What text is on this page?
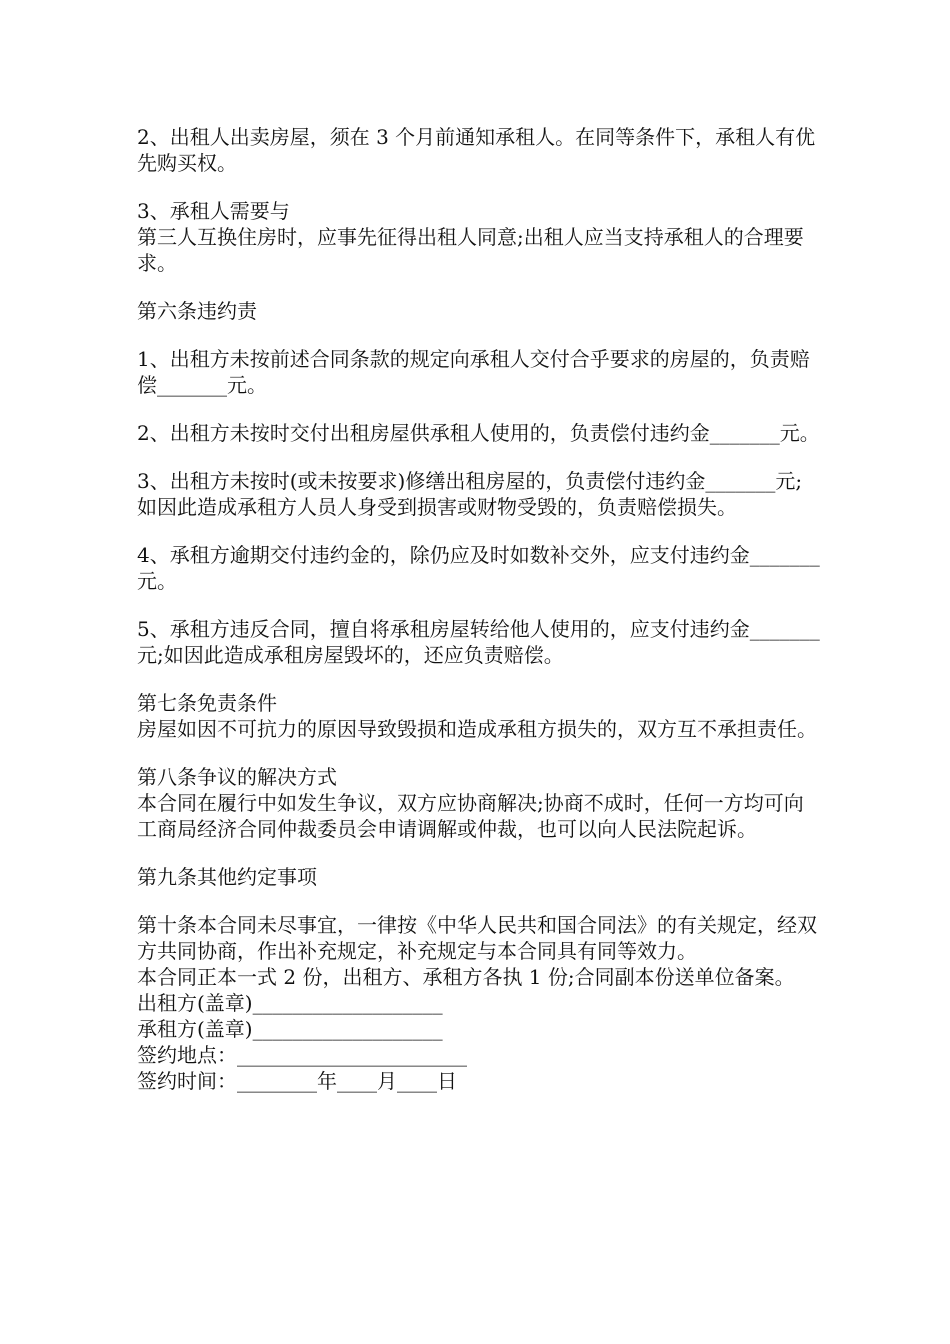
2、出租人出卖房屋，须在 3 个月前通知承租人。在同等条件下，承租人有优先购买权。

3、承租人需要与
第三人互换住房时，应事先征得出租人同意;出租人应当支持承租人的合理要求。

第六条违约责

1、出租方未按前述合同条款的规定向承租人交付合乎要求的房屋的，负责赔偿_______元。

2、出租方未按时交付出租房屋供承租人使用的，负责偿付违约金_______元。

3、出租方未按时(或未按要求)修缮出租房屋的，负责偿付违约金_______元;如因此造成承租方人员人身受到损害或财物受毁的，负责赔偿损失。

4、承租方逾期交付违约金的，除仍应及时如数补交外，应支付违约金_______元。

5、承租方违反合同，擅自将承租房屋转给他人使用的，应支付违约金_______元;如因此造成承租房屋毁坏的，还应负责赔偿。

第七条免责条件
房屋如因不可抗力的原因导致毁损和造成承租方损失的，双方互不承担责任。

第八条争议的解决方式
本合同在履行中如发生争议，双方应协商解决;协商不成时，任何一方均可向工商局经济合同仲裁委员会申请调解或仲裁，也可以向人民法院起诉。

第九条其他约定事项

第十条本合同未尽事宜，一律按《中华人民共和国合同法》的有关规定，经双方共同协商，作出补充规定，补充规定与本合同具有同等效力。
本合同正本一式 2 份，出租方、承租方各执 1 份;合同副本份送单位备案。

出租方(盖章)___________________

承租方(盖章)___________________

签约地点：_______________________

签约时间：________年____月____日
